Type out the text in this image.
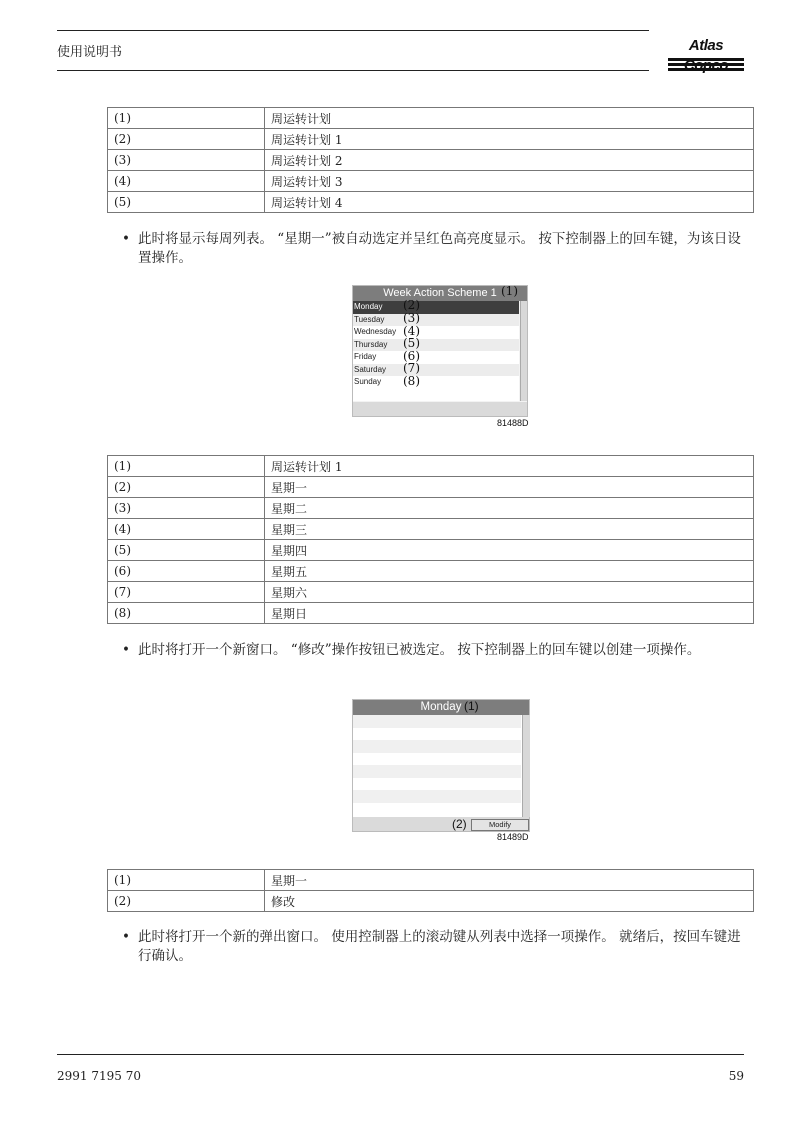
使用说明书	Atlas
(1)	周运转计划
(2)	周运转计划 1
(3)	周运转计划 2
(4)	周运转计划 3
(5)	周运转计划 4
• 此时将显示每周列表。 “星期一”被自动选定并呈红色高亮度显示。 按下控制器上的回车键，为该日设置操作。
Week Action Scheme 1
Monday
Tuesday
Wednesday
Thursday
Friday
Saturday
Sunday
(1)
(2)
(3)
(4)
(5)
(6)
(7)
(8)
81488D
(1)	周运转计划 1
(2)	星期一
(3)	星期二
(4)	星期三
(5)	星期四
(6)	星期五
(7)	星期六
(8)	星期日
• 此时将打开一个新窗口。 “修改”操作按钮已被选定。 按下控制器上的回车键以创建一项操作。
Monday
Modify
(1)
(2)
81489D
(1)	星期一
(2)	修改
• 此时将打开一个新的弹出窗口。 使用控制器上的滚动键从列表中选择一项操作。 就绪后，按回车键进行确认。
2991 7195 70	59
